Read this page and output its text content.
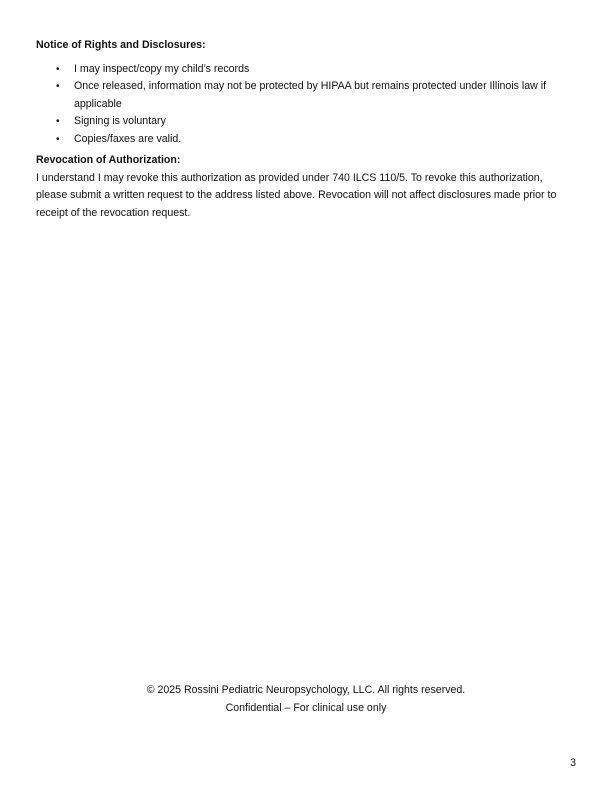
Notice of Rights and Disclosures:

• I may inspect/copy my child’s records
• Once released, information may not be protected by HIPAA but remains protected under Illinois law if applicable
• Signing is voluntary
• Copies/faxes are valid.

Revocation of Authorization:

I understand I may revoke this authorization as provided under 740 ILCS 110/5. To revoke this authorization, please submit a written request to the address listed above. Revocation will not affect disclosures made prior to receipt of the revocation request.

© 2025 Rossini Pediatric Neuropsychology, LLC. All rights reserved.
Confidential – For clinical use only
3
